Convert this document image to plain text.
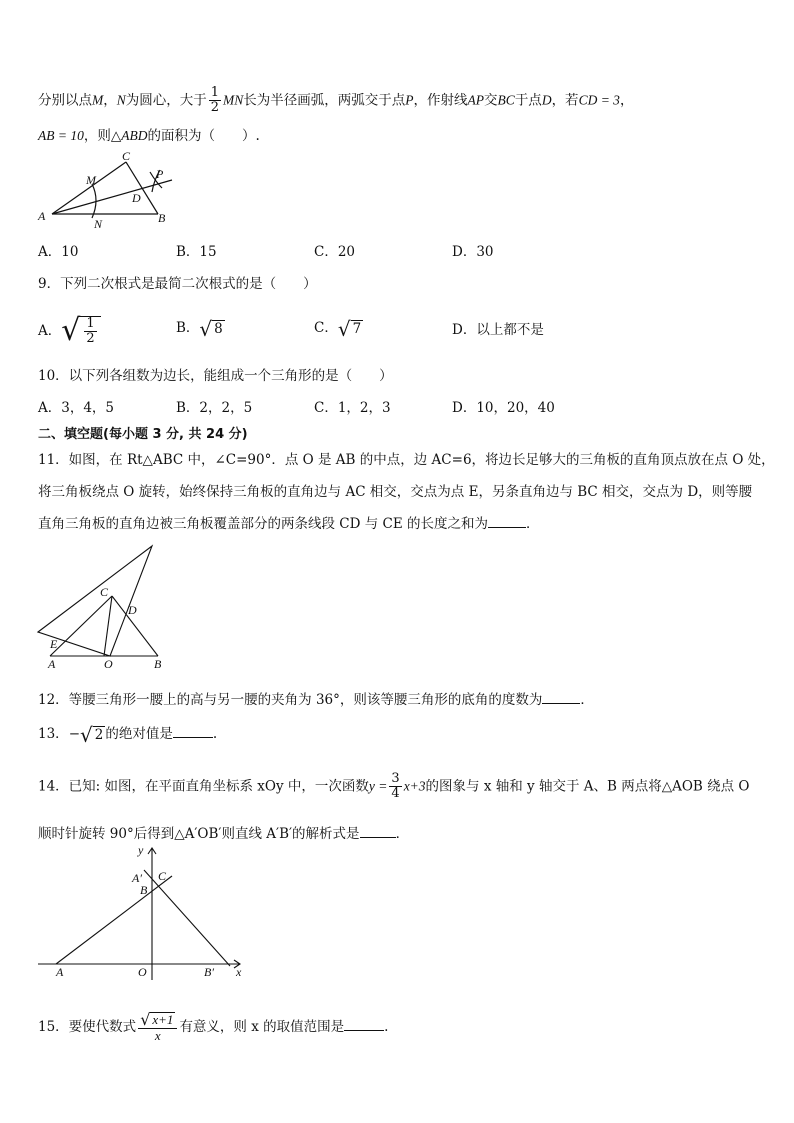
分别以点M，N为圆心，大于 $\frac{1}{2}$ MN长为半径画弧，两弧交于点P，作射线AP交BC于点D，若CD = 3，
AB = 10，则△ABD的面积为（　　）.
C
M	P
D
A
N	B
A．10	B．15	C．20	D．30
9．下列二次根式是最简二次根式的是（　　）
A．√ $\frac{1}{2}$	B．√ 8	C．√ 7	D．以上都不是
10．以下列各组数为边长，能组成一个三角形的是（　　）
A．3，4，5	B．2，2，5	C．1，2，3	D．10，20，40
二、填空题(每小题 3 分, 共 24 分)
11．如图，在 Rt△ABC 中，∠C=90°．点 O 是 AB 的中点，边 AC=6，将边长足够大的三角板的直角顶点放在点 O 处，
将三角板绕点 O 旋转，始终保持三角板的直角边与 AC 相交，交点为点 E，另条直角边与 BC 相交，交点为 D，则等腰
直角三角板的直角边被三角板覆盖部分的两条线段 CD 与 CE 的长度之和为	．
C
D
E
A	O	B
12．等腰三角形一腰上的高与另一腰的夹角为 36°，则该等腰三角形的底角的度数为	．
13．−√ 2 的绝对值是	.
14．已知: 如图，在平面直角坐标系 xOy 中，一次函数$y = \frac{3}{4} x+3$的图象与 x 轴和 y 轴交于 A、B 两点将△AOB 绕点 O
顺时针旋转 90°后得到△A′OB′则直线 A′B′的解析式是	．
y
A′ C
B
A	O	B′ x
15．要使代数式 $\frac{√ x+1}{x}$ 有意义，则 x 的取值范围是	.
